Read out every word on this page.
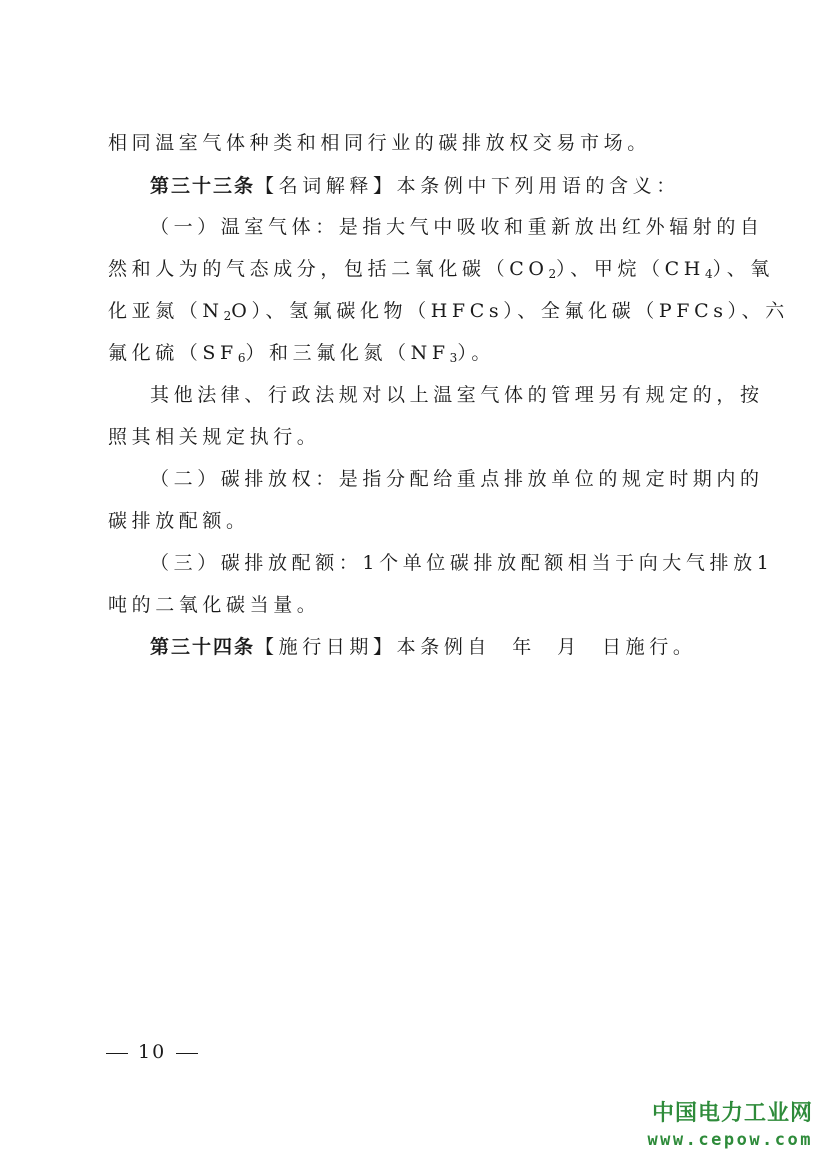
相同温室气体种类和相同行业的碳排放权交易市场。
第三十三条【名词解释】本条例中下列用语的含义：
（一）温室气体：是指大气中吸收和重新放出红外辐射的自
然和人为的气态成分，包括二氧化碳$(CO_2)$、甲烷$(CH_4)$、氧
化亚氮$(N_2O)$、氢氟碳化物（HFCs）、全氟化碳（PFCs）、六
氟化硫$(SF_6)$和三氟化氮$(NF_3)$。
其他法律、行政法规对以上温室气体的管理另有规定的，按
照其相关规定执行。
（二）碳排放权：是指分配给重点排放单位的规定时期内的
碳排放配额。
（三）碳排放配额：1个单位碳排放配额相当于向大气排放1
吨的二氧化碳当量。
第三十四条【施行日期】本条例自  年  月  日施行。
10
中国电力工业网
www.cepow.com
